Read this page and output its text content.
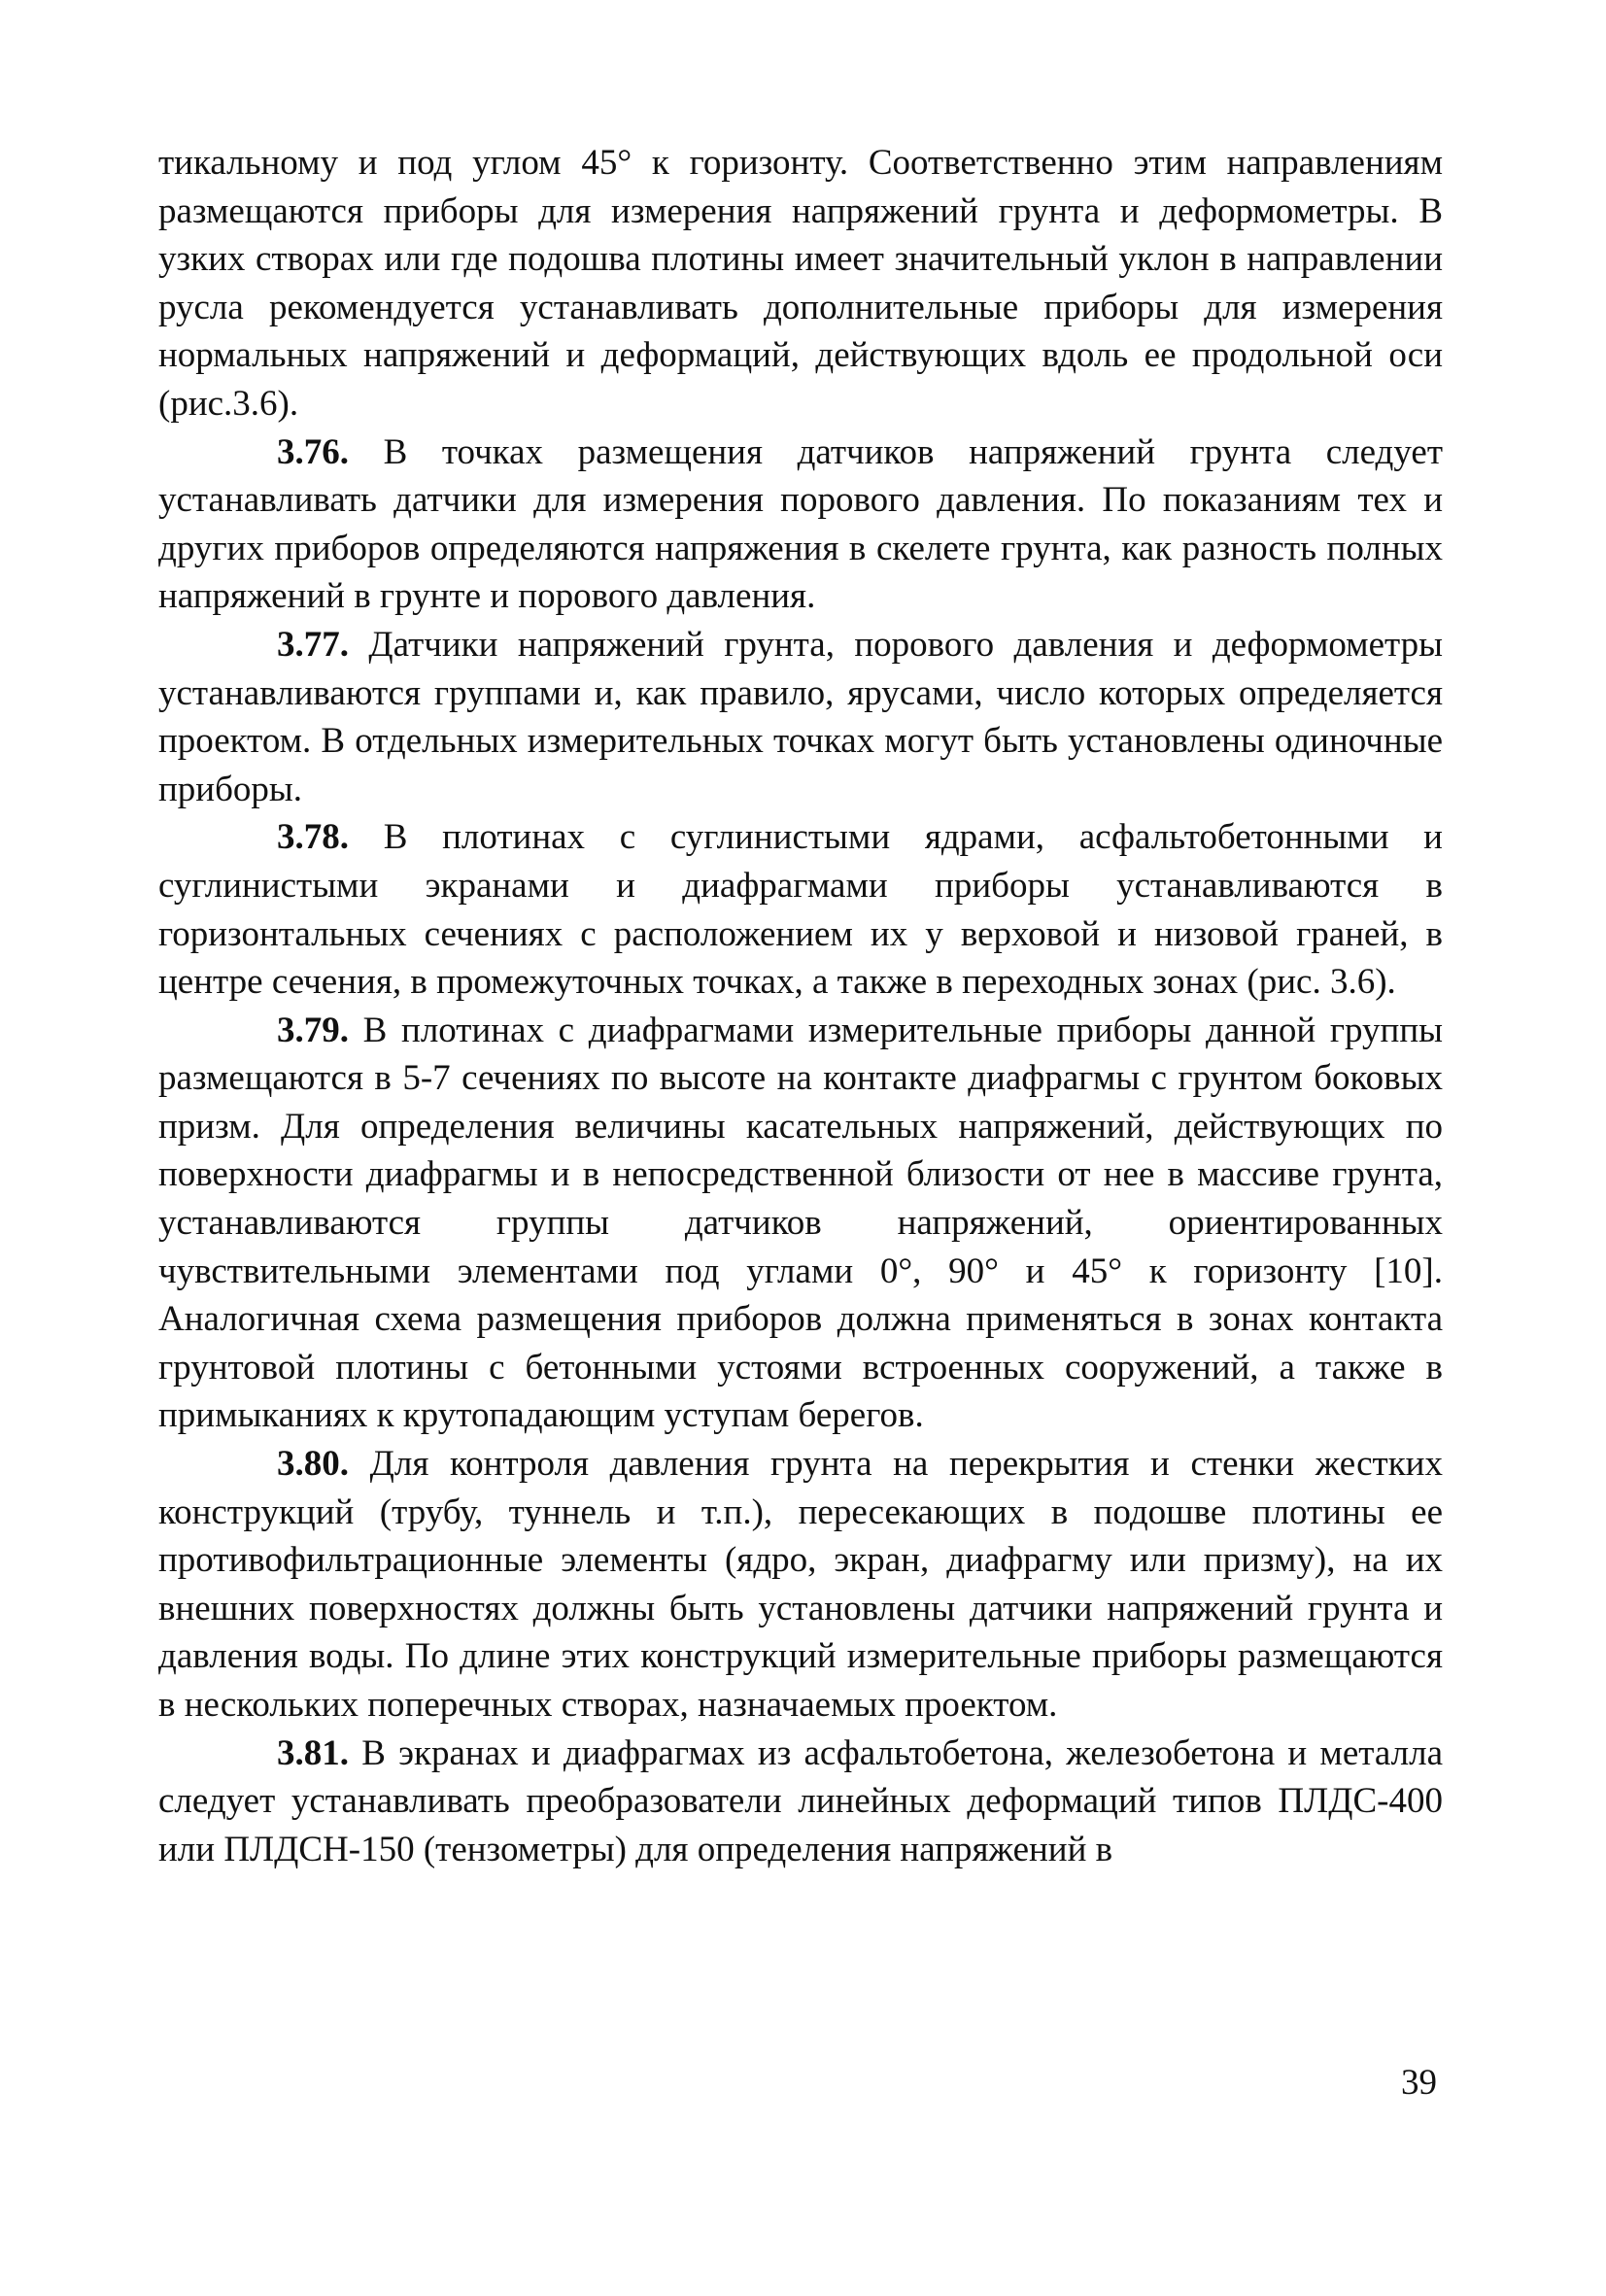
тикальному и под углом 45° к горизонту. Соответственно этим направлениям размещаются приборы для измерения напряжений грунта и деформометры. В узких створах или где подошва плотины имеет значительный уклон в направлении русла рекомендуется устанавливать дополнительные приборы для измерения нормальных напряжений и деформаций, действующих вдоль ее продольной оси (рис.3.6).

3.76. В точках размещения датчиков напряжений грунта следует устанавливать датчики для измерения порового давления. По показаниям тех и других приборов определяются напряжения в скелете грунта, как разность полных напряжений в грунте и порового давления.

3.77. Датчики напряжений грунта, порового давления и деформометры устанавливаются группами и, как правило, ярусами, число которых определяется проектом. В отдельных измерительных точках могут быть установлены одиночные приборы.

3.78. В плотинах с суглинистыми ядрами, асфальтобетонными и суглинистыми экранами и диафрагмами приборы устанавливаются в горизонтальных сечениях с расположением их у верховой и низовой граней, в центре сечения, в промежуточных точках, а также в переходных зонах (рис. 3.6).

3.79. В плотинах с диафрагмами измерительные приборы данной группы размещаются в 5-7 сечениях по высоте на контакте диафрагмы с грунтом боковых призм. Для определения величины касательных напряжений, действующих по поверхности диафрагмы и в непосредственной близости от нее в массиве грунта, устанавливаются группы датчиков напряжений, ориентированных чувствительными элементами под углами 0°, 90° и 45° к горизонту [10]. Аналогичная схема размещения приборов должна применяться в зонах контакта грунтовой плотины с бетонными устоями встроенных сооружений, а также в примыканиях к крутопадающим уступам берегов.

3.80. Для контроля давления грунта на перекрытия и стенки жестких конструкций (трубу, туннель и т.п.), пересекающих в подошве плотины ее противофильтрационные элементы (ядро, экран, диафрагму или призму), на их внешних поверхностях должны быть установлены датчики напряжений грунта и давления воды. По длине этих конструкций измерительные приборы размещаются в нескольких поперечных створах, назначаемых проектом.

3.81. В экранах и диафрагмах из асфальтобетона, железобетона и металла следует устанавливать преобразователи линейных деформаций типов ПЛДС-400 или ПЛДСН-150 (тензометры) для определения напряжений в

39
